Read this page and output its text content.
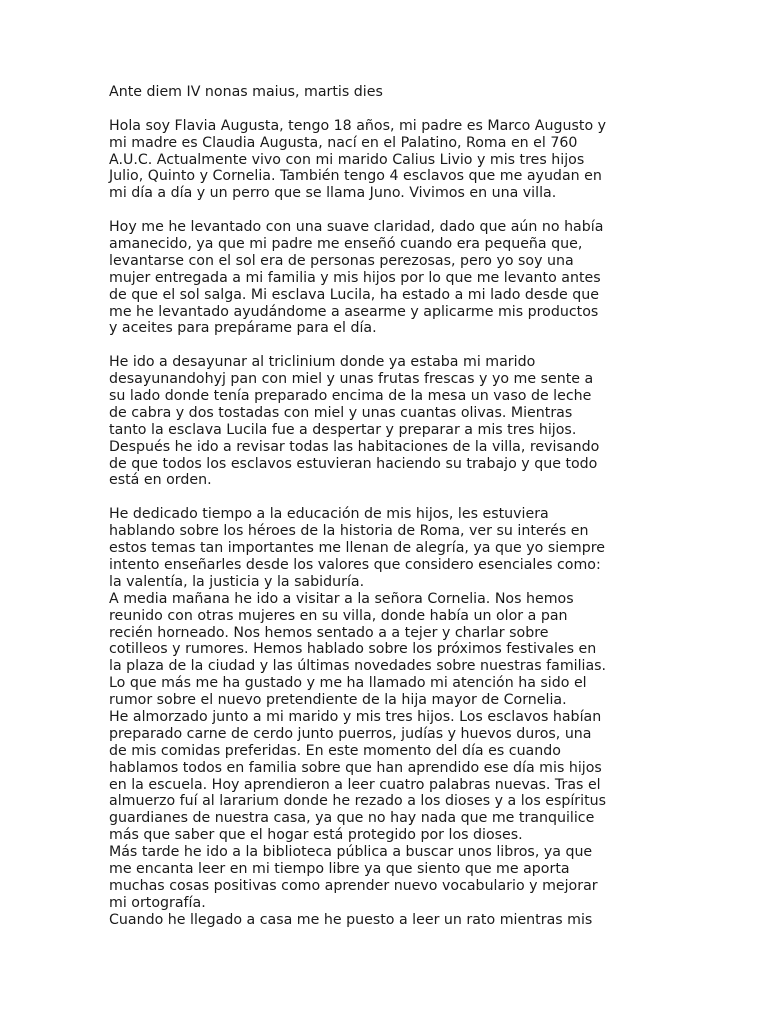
Ante diem IV nonas maius, martis dies
Hola soy Flavia Augusta, tengo 18 años, mi padre es Marco Augusto y
mi madre es Claudia Augusta, nací en el Palatino, Roma en el 760
A.U.C. Actualmente vivo con mi marido Calius Livio y mis tres hijos
Julio, Quinto y Cornelia. También tengo 4 esclavos que me ayudan en
mi día a día y un perro que se llama Juno. Vivimos en una villa.
Hoy me he levantado con una suave claridad, dado que aún no había
amanecido, ya que mi padre me enseñó cuando era pequeña que,
levantarse con el sol era de personas perezosas, pero yo soy una
mujer entregada a mi familia y mis hijos por lo que me levanto antes
de que el sol salga. Mi esclava Lucila, ha estado a mi lado desde que
me he levantado ayudándome a asearme y aplicarme mis productos
y aceites para prepárame para el día.
He ido a desayunar al triclinium donde ya estaba mi marido
desayunandohyj pan con miel y unas frutas frescas y yo me sente a
su lado donde tenía preparado encima de la mesa un vaso de leche
de cabra y dos tostadas con miel y unas cuantas olivas. Mientras
tanto la esclava Lucila fue a despertar y preparar a mis tres hijos.
Después he ido a revisar todas las habitaciones de la villa, revisando
de que todos los esclavos estuvieran haciendo su trabajo y que todo
está en orden.
He dedicado tiempo a la educación de mis hijos, les estuviera
hablando sobre los héroes de la historia de Roma, ver su interés en
estos temas tan importantes me llenan de alegría, ya que yo siempre
intento enseñarles desde los valores que considero esenciales como:
la valentía, la justicia y la sabiduría.
A media mañana he ido a visitar a la señora Cornelia. Nos hemos
reunido con otras mujeres en su villa, donde había un olor a pan
recién horneado. Nos hemos sentado a a tejer y charlar sobre
cotilleos y rumores. Hemos hablado sobre los próximos festivales en
la plaza de la ciudad y las últimas novedades sobre nuestras familias.
Lo que más me ha gustado y me ha llamado mi atención ha sido el
rumor sobre el nuevo pretendiente de la hija mayor de Cornelia.
He almorzado junto a mi marido y mis tres hijos. Los esclavos habían
preparado carne de cerdo junto puerros, judías y huevos duros, una
de mis comidas preferidas. En este momento del día es cuando
hablamos todos en familia sobre que han aprendido ese día mis hijos
en la escuela. Hoy aprendieron a leer cuatro palabras nuevas. Tras el
almuerzo fuí al lararium donde he rezado a los dioses y a los espíritus
guardianes de nuestra casa, ya que no hay nada que me tranquilice
más que saber que el hogar está protegido por los dioses.
Más tarde he ido a la biblioteca pública a buscar unos libros, ya que
me encanta leer en mi tiempo libre ya que siento que me aporta
muchas cosas positivas como aprender nuevo vocabulario y mejorar
mi ortografía.
Cuando he llegado a casa me he puesto a leer un rato mientras mis
